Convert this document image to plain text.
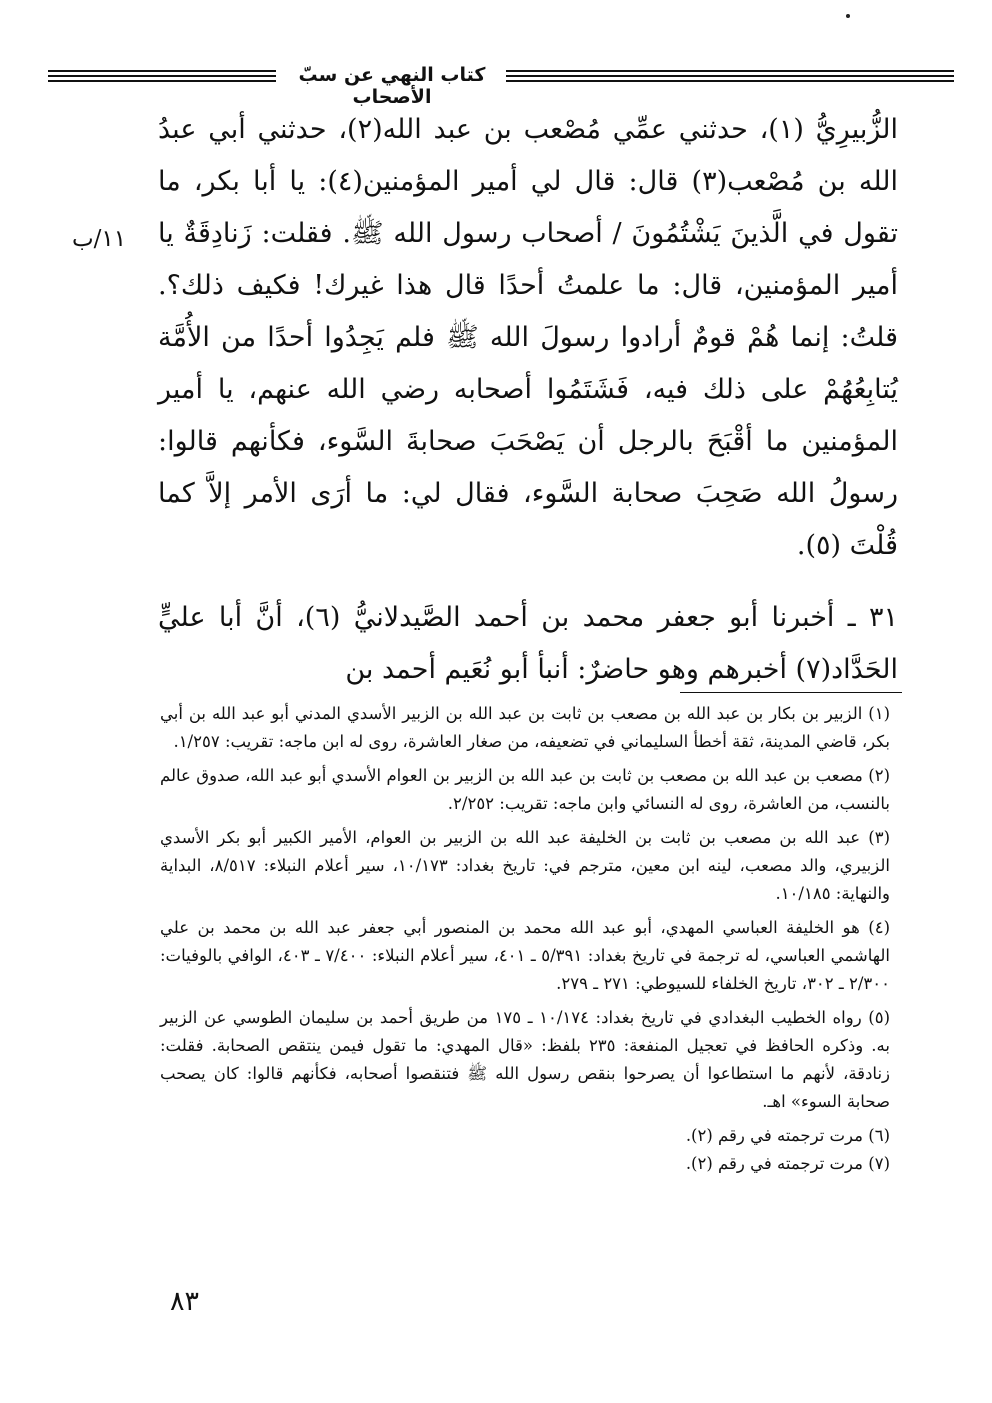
كتاب النهي عن سبّ الأصحاب
١١/ب

الزُّبيرِيُّ (١)، حدثني عمِّي مُصْعب بن عبد الله(٢)، حدثني أبي عبدُ الله بن مُصْعب(٣) قال: قال لي أمير المؤمنين(٤): يا أبا بكر، ما تقول في الَّذينَ يَشْتُمُونَ / أصحاب رسول الله ﷺ. فقلت: زَنادِقَةٌ يا أمير المؤمنين، قال: ما علمتُ أحدًا قال هذا غيرك! فكيف ذلك؟. قلتُ: إنما هُمْ قومٌ أرادوا رسولَ الله ﷺ فلم يَجِدُوا أحدًا من الأُمَّة يُتابِعُهُمْ على ذلك فيه، فَشَتَمُوا أصحابه رضي الله عنهم، يا أمير المؤمنين ما أقْبَحَ بالرجل أن يَصْحَبَ صحابةَ السَّوء، فكأنهم قالوا: رسولُ الله صَحِبَ صحابة السَّوء، فقال لي: ما أرَى الأمر إلاَّ كما قُلْتَ (٥).

٣١ ـ أخبرنا أبو جعفر محمد بن أحمد الصَّيدلانيُّ (٦)، أنَّ أبا عليٍّ الحَدَّاد(٧) أخبرهم وهو حاضرٌ: أنبأ أبو نُعَيم أحمد بن

(١) الزبير بن بكار بن عبد الله بن مصعب بن ثابت بن عبد الله بن الزبير الأسدي المدني أبو عبد الله بن أبي بكر، قاضي المدينة، ثقة أخطأ السليماني في تضعيفه، من صغار العاشرة، روى له ابن ماجه: تقريب: ١/٢٥٧.

(٢) مصعب بن عبد الله بن مصعب بن ثابت بن عبد الله بن الزبير بن العوام الأسدي أبو عبد الله، صدوق عالم بالنسب، من العاشرة، روى له النسائي وابن ماجه: تقريب: ٢/٢٥٢.

(٣) عبد الله بن مصعب بن ثابت بن الخليفة عبد الله بن الزبير بن العوام، الأمير الكبير أبو بكر الأسدي الزبيري، والد مصعب، لينه ابن معين، مترجم في: تاريخ بغداد: ١٠/١٧٣، سير أعلام النبلاء: ٨/٥١٧، البداية والنهاية: ١٠/١٨٥.

(٤) هو الخليفة العباسي المهدي، أبو عبد الله محمد بن المنصور أبي جعفر عبد الله بن محمد بن علي الهاشمي العباسي، له ترجمة في تاريخ بغداد: ٥/٣٩١ ـ ٤٠١، سير أعلام النبلاء: ٧/٤٠٠ ـ ٤٠٣، الوافي بالوفيات: ٢/٣٠٠ ـ ٣٠٢، تاريخ الخلفاء للسيوطي: ٢٧١ ـ ٢٧٩.

(٥) رواه الخطيب البغدادي في تاريخ بغداد: ١٠/١٧٤ ـ ١٧٥ من طريق أحمد بن سليمان الطوسي عن الزبير به. وذكره الحافظ في تعجيل المنفعة: ٢٣٥ بلفظ: «قال المهدي: ما تقول فيمن ينتقص الصحابة. فقلت: زنادقة، لأنهم ما استطاعوا أن يصرحوا بنقص رسول الله ﷺ فتنقصوا أصحابه، فكأنهم قالوا: كان يصحب صحابة السوء» اهـ.

(٦) مرت ترجمته في رقم (٢).

(٧) مرت ترجمته في رقم (٢).

٨٣
